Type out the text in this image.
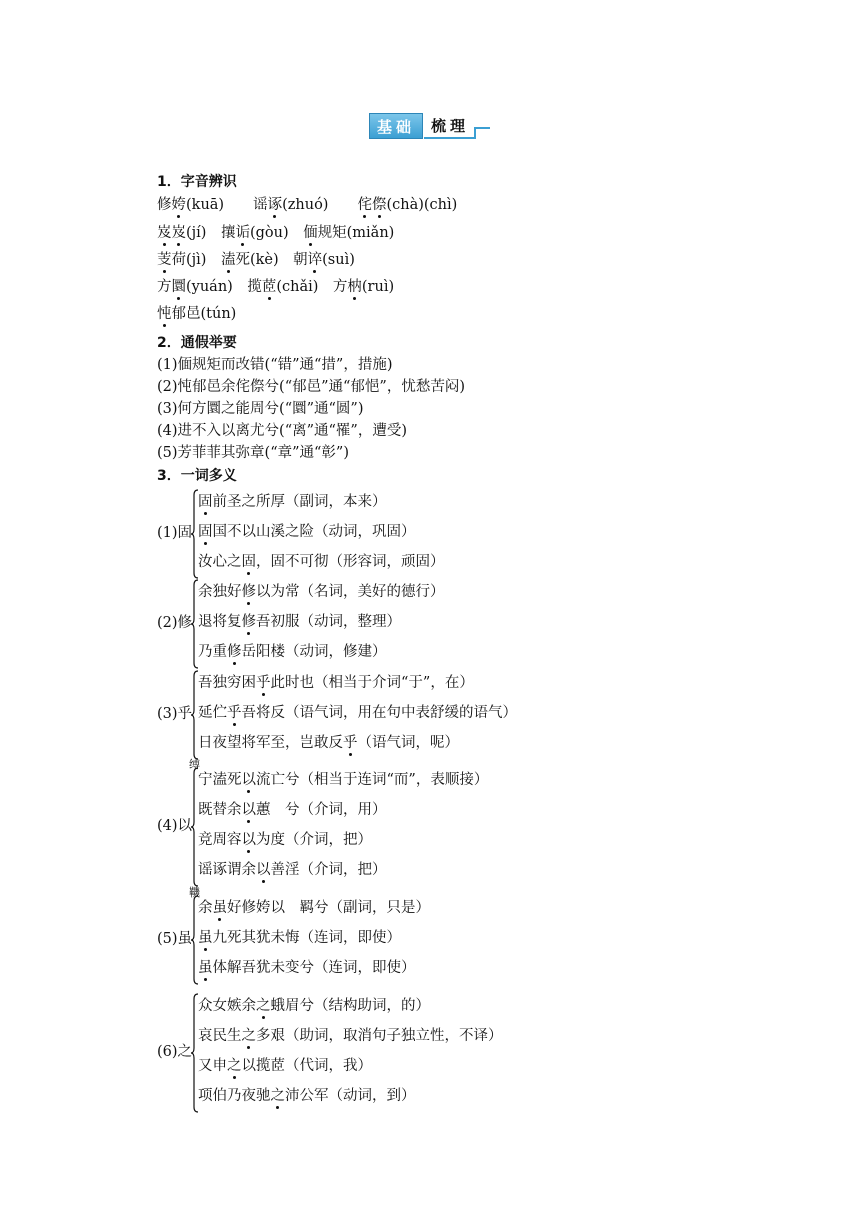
基础	梳理
1．字音辨识
修姱(kuā)　　谣诼(zhuó)　　侘傺(chà)(chì)
岌岌(jí)　攘诟(gòu)　偭规矩(miǎn)
芰荷(jì)　溘死(kè)　朝谇(suì)
方圜(yuán)　揽茝(chǎi)　方枘(ruì)
忳郁邑(tún)
2．通假举要
(1)偭规矩而改错(“错”通“措”，措施)
(2)忳郁邑余侘傺兮(“郁邑”通“郁悒”，忧愁苦闷)
(3)何方圜之能周兮(“圜”通“圆”)
(4)进不入以离尤兮(“离”通“罹”，遭受)
(5)芳菲菲其弥章(“章”通“彰”)
3．一词多义
(1)固
固前圣之所厚（副词，本来）
固国不以山溪之险（动词，巩固）
汝心之固，固不可彻（形容词，顽固）
(2)修
余独好修以为常（名词，美好的德行）
退将复修吾初服（动词，整理）
乃重修岳阳楼（动词，修建）
(3)乎
吾独穷困乎此时也（相当于介词“于”，在）
延伫乎吾将反（语气词，用在句中表舒缓的语气）
日夜望将军至，岂敢反乎（语气词，呢）
(4)以
宁溘死以流亡兮（相当于连词“而”，表顺接）
既替余以蕙　兮（介词，用）
竞周容以为度（介词，把）
谣诼谓余以善淫（介词，把）
缚
(5)虽
余虽好修姱以　羁兮（副词，只是）
虽九死其犹未悔（连词，即使）
虽体解吾犹未变兮（连词，即使）
鞿
(6)之
众女嫉余之蛾眉兮（结构助词，的）
哀民生之多艰（助词，取消句子独立性，不译）
又申之以揽茝（代词，我）
项伯乃夜驰之沛公军（动词，到）
